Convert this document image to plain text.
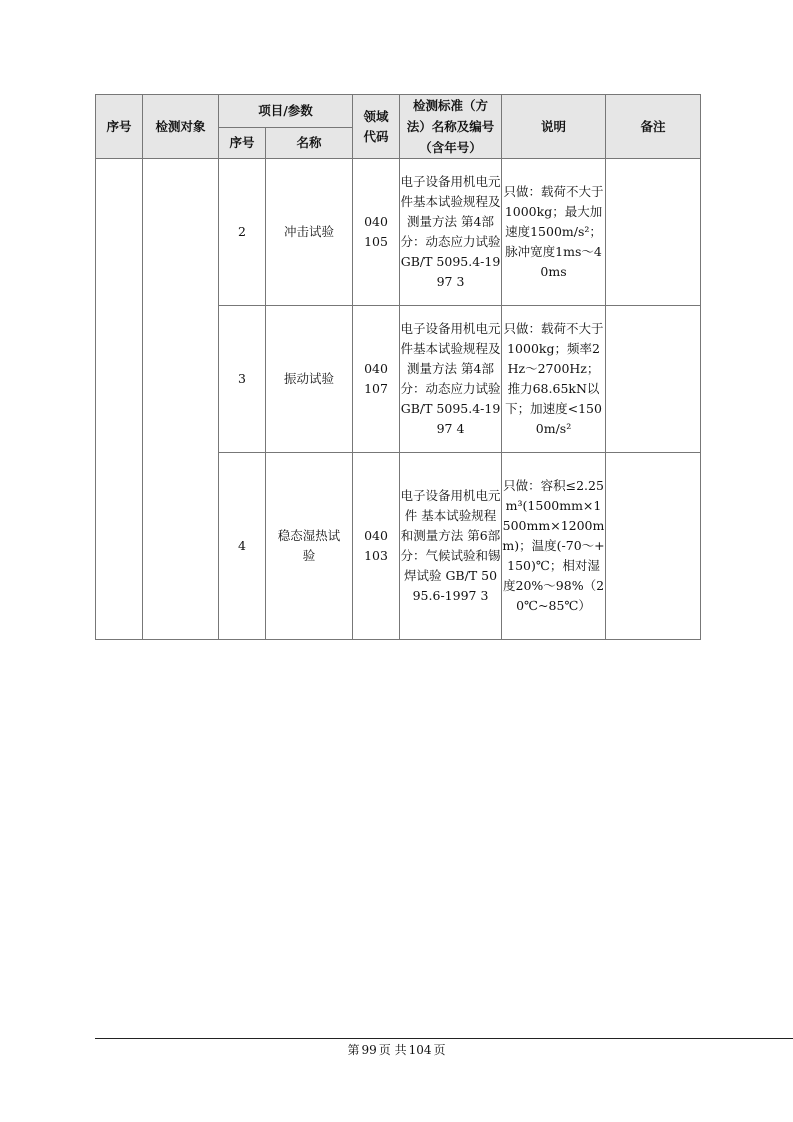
序号	检测对象	项目/参数		领域代码	检测标准（方法）名称及编号（含年号）	说明	备注
		序号	名称				
		2	冲击试验	040105	电子设备用机电元件基本试验规程及测量方法 第4部分：动态应力试验 GB/T 5095.4-1997 3	只做：载荷不大于1000kg；最大加速度1500m/s²；脉冲宽度1ms～40ms	
		3	振动试验	040107	电子设备用机电元件基本试验规程及测量方法 第4部分：动态应力试验 GB/T 5095.4-1997 4	只做：载荷不大于1000kg；频率2Hz～2700Hz；推力68.65kN以下；加速度<1500m/s²	
		4	稳态湿热试验	040103	电子设备用机电元件 基本试验规程和测量方法 第6部分：气候试验和锡焊试验 GB/T 5095.6-1997 3	只做：容积≤2.25m³(1500mm×1500mm×1200mm)；温度(-70～+150)℃；相对湿度20%～98%（20℃~85℃）	
第 99 页 共 104 页
